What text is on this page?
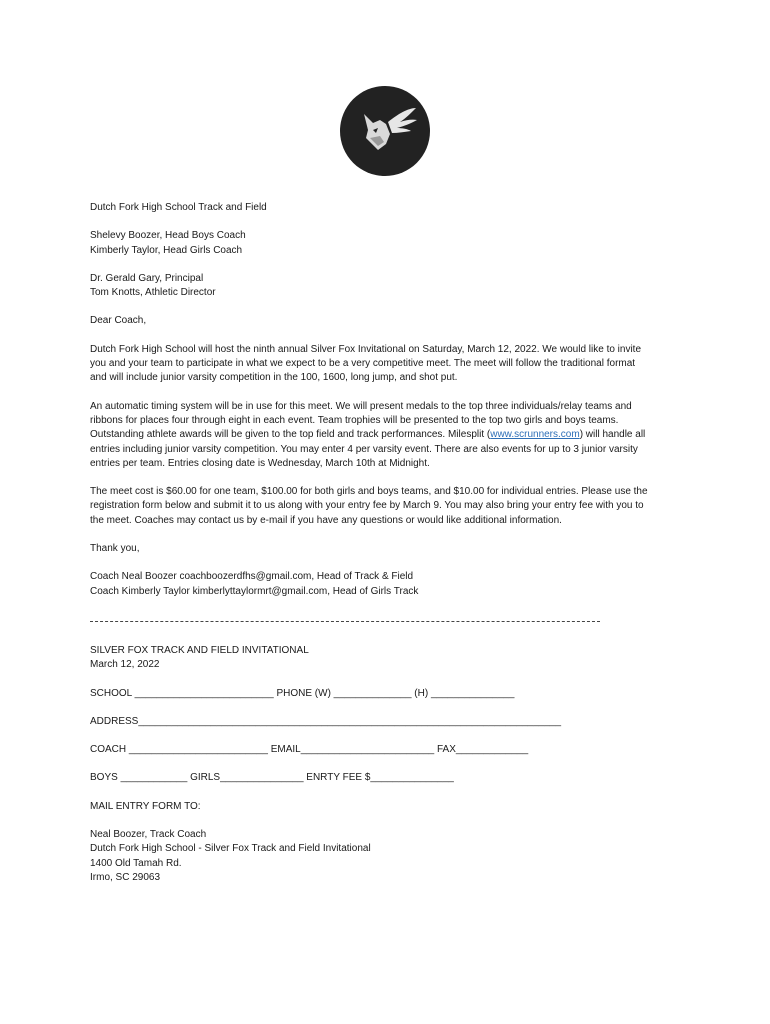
Dutch Fork High School Track and Field

Shelevy Boozer, Head Boys Coach
Kimberly Taylor, Head Girls Coach

Dr. Gerald Gary, Principal
Tom Knotts, Athletic Director

Dear Coach,

Dutch Fork High School will host the ninth annual Silver Fox Invitational on Saturday, March 12, 2022. We would like to invite
you and your team to participate in what we expect to be a very competitive meet. The meet will follow the traditional format
and will include junior varsity competition in the 100, 1600, long jump, and shot put.

An automatic timing system will be in use for this meet. We will present medals to the top three individuals/relay teams and
ribbons for places four through eight in each event. Team trophies will be presented to the top two girls and boys teams.
Outstanding athlete awards will be given to the top field and track performances. Milesplit (www.scrunners.com) will handle all
entries including junior varsity competition. You may enter 4 per varsity event. There are also events for up to 3 junior varsity
entries per team. Entries closing date is Wednesday, March 10th at Midnight.

The meet cost is $60.00 for one team, $100.00 for both girls and boys teams, and $10.00 for individual entries. Please use the
registration form below and submit it to us along with your entry fee by March 9. You may also bring your entry fee with you to
the meet. Coaches may contact us by e-mail if you have any questions or would like additional information.

Thank you,

Coach Neal Boozer coachboozerdfhs@gmail.com, Head of Track & Field
Coach Kimberly Taylor kimberlyttaylormrt@gmail.com, Head of Girls Track

SILVER FOX TRACK AND FIELD INVITATIONAL
March 12, 2022

SCHOOL _________________________ PHONE (W) ______________ (H) _______________

ADDRESS____________________________________________________________________________

COACH _________________________ EMAIL________________________ FAX_____________

BOYS ____________ GIRLS_______________ ENRTY FEE $_______________

MAIL ENTRY FORM TO:

Neal Boozer, Track Coach
Dutch Fork High School - Silver Fox Track and Field Invitational
1400 Old Tamah Rd.
Irmo, SC 29063
